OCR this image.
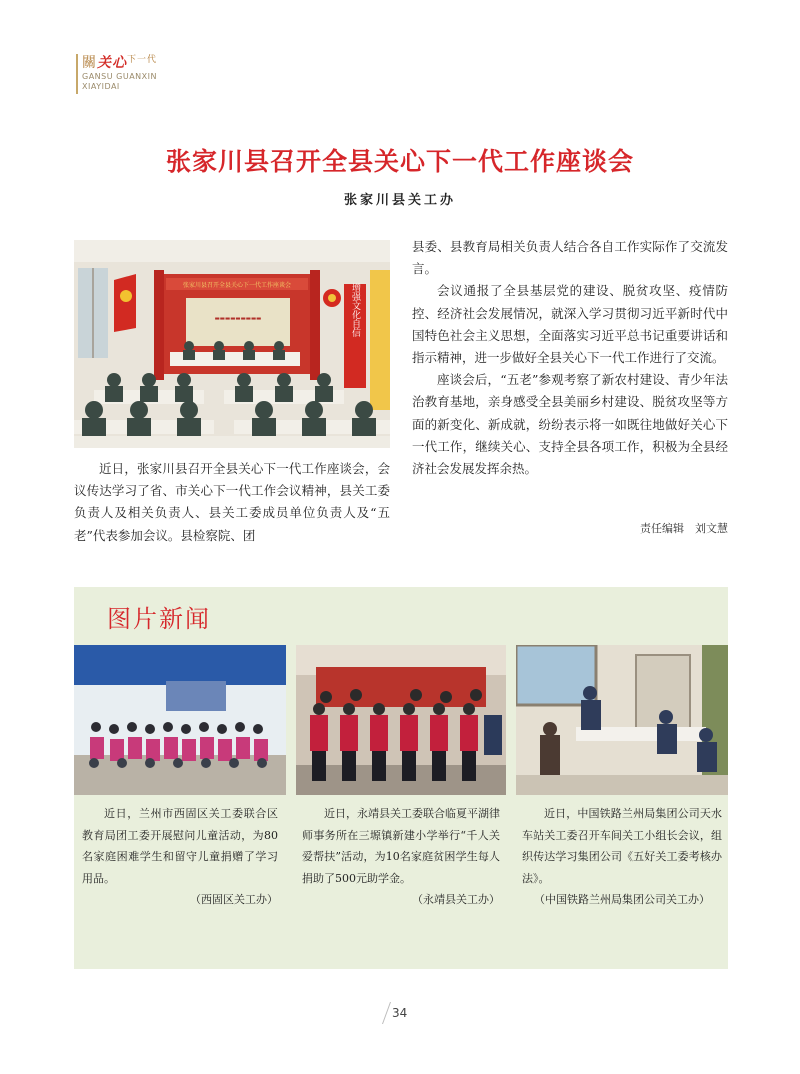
關关心$^{下一代}$
GANSU GUANXIN
XIAYIDAI
张家川县召开全县关心下一代工作座谈会
张家川县关工办
张家川县召开全县关心下一代工作座谈会
▬▬▬▬▬▬▬▬▬	增强文化自信

近日，张家川县召开全县关心下一代工作座谈会，会议传达学习了省、市关心下一代工作会议精神，县关工委负责人及相关负责人、县关工委成员单位负责人及“五老”代表参加会议。县检察院、团

县委、县教育局相关负责人结合各自工作实际作了交流发言。

会议通报了全县基层党的建设、脱贫攻坚、疫情防控、经济社会发展情况，就深入学习贯彻习近平新时代中国特色社会主义思想，全面落实习近平总书记重要讲话和指示精神，进一步做好全县关心下一代工作进行了交流。

座谈会后，“五老”参观考察了新农村建设、青少年法治教育基地，亲身感受全县美丽乡村建设、脱贫攻坚等方面的新变化、新成就，纷纷表示将一如既往地做好关心下一代工作，继续关心、支持全县各项工作，积极为全县经济社会发展发挥余热。

责任编辑　刘文慧
图片新闻

近日，兰州市西固区关工委联合区教育局团工委开展慰问儿童活动，为80名家庭困难学生和留守儿童捐赠了学习用品。

（西固区关工办）

近日，永靖县关工委联合临夏平湖律师事务所在三塬镇新建小学举行“千人关爱帮扶”活动，为10名家庭贫困学生每人捐助了500元助学金。

（永靖县关工办）

近日，中国铁路兰州局集团公司天水车站关工委召开车间关工小组长会议，组织传达学习集团公司《五好关工委考核办法》。

（中国铁路兰州局集团公司关工办）

34
